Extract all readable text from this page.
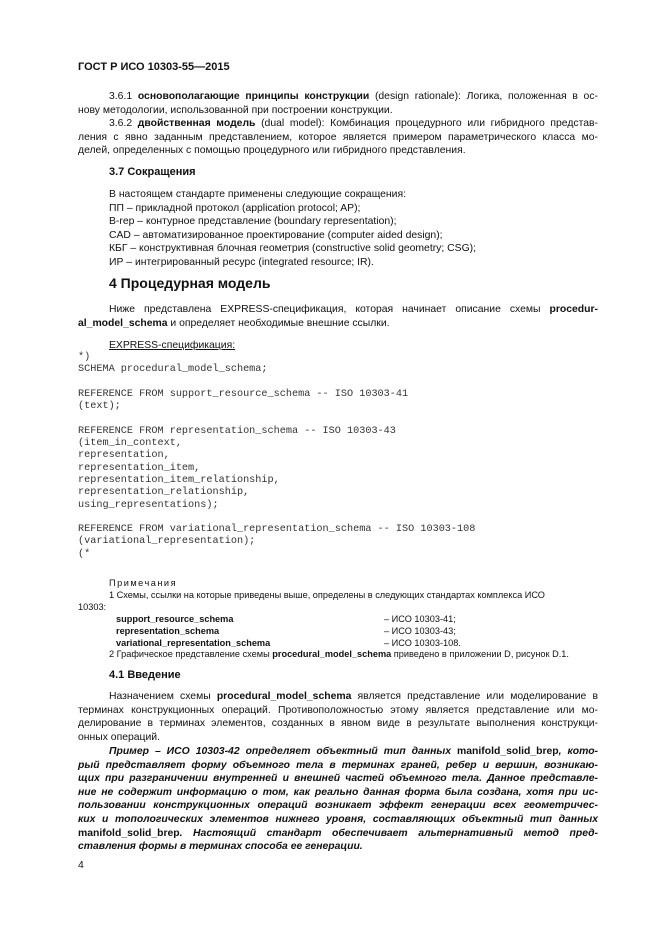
ГОСТ Р ИСО 10303-55—2015
3.6.1 основополагающие принципы конструкции (design rationale): Логика, положенная в ос-
нову методологии, использованной при построении конструкции.
3.6.2 двойственная модель (dual model): Комбинация процедурного или гибридного представ-
ления с явно заданным представлением, которое является примером параметрического класса мо-
делей, определенных с помощью процедурного или гибридного представления.
3.7 Сокращения
В настоящем стандарте применены следующие сокращения:
ПП – прикладной протокол (application protocol; AP);
B-rep – контурное представление (boundary representation);
CAD – автоматизированное проектирование (computer aided design);
КБГ – конструктивная блочная геометрия (constructive solid geometry; CSG);
ИР – интегрированный ресурс (integrated resource; IR).
4 Процедурная модель
Ниже представлена EXPRESS-спецификация, которая начинает описание схемы procedur-
al_model_schema и определяет необходимые внешние ссылки.
EXPRESS-спецификация:
*)
SCHEMA procedural_model_schema;
REFERENCE FROM support_resource_schema -- ISO 10303-41
(text);
REFERENCE FROM representation_schema -- ISO 10303-43
(item_in_context,
representation,
representation_item,
representation_item_relationship,
representation_relationship,
using_representations);
REFERENCE FROM variational_representation_schema -- ISO 10303-108
(variational_representation);
(*
Примечания
1 Схемы, ссылки на которые приведены выше, определены в следующих стандартах комплекса ИСО
10303:
support_resource_schema
representation_schema
variational_representation_schema
– ИСО 10303-41;
– ИСО 10303-43;
– ИСО 10303-108.
2 Графическое представление схемы procedural_model_schema приведено в приложении D, рисунок D.1.
4.1 Введение
Назначением схемы procedural_model_schema является представление или моделирование в
терминах конструкционных операций. Противоположностью этому является представление или мо-
делирование в терминах элементов, созданных в явном виде в результате выполнения конструкци-
онных операций.
Пример – ИСО 10303-42 определяет объектный тип данных manifold_solid_brep, кото-
рый представляет форму объемного тела в терминах граней, ребер и вершин, возникаю-
щих при разграничении внутренней и внешней частей объемного тела. Данное представле-
ние не содержит информацию о том, как реально данная форма была создана, хотя при ис-
пользовании конструкционных операций возникает эффект генерации всех геометричес-
ких и топологических элементов нижнего уровня, составляющих объектный тип данных
manifold_solid_brep. Настоящий стандарт обеспечивает альтернативный метод пред-
ставления формы в терминах способа ее генерации.
4
